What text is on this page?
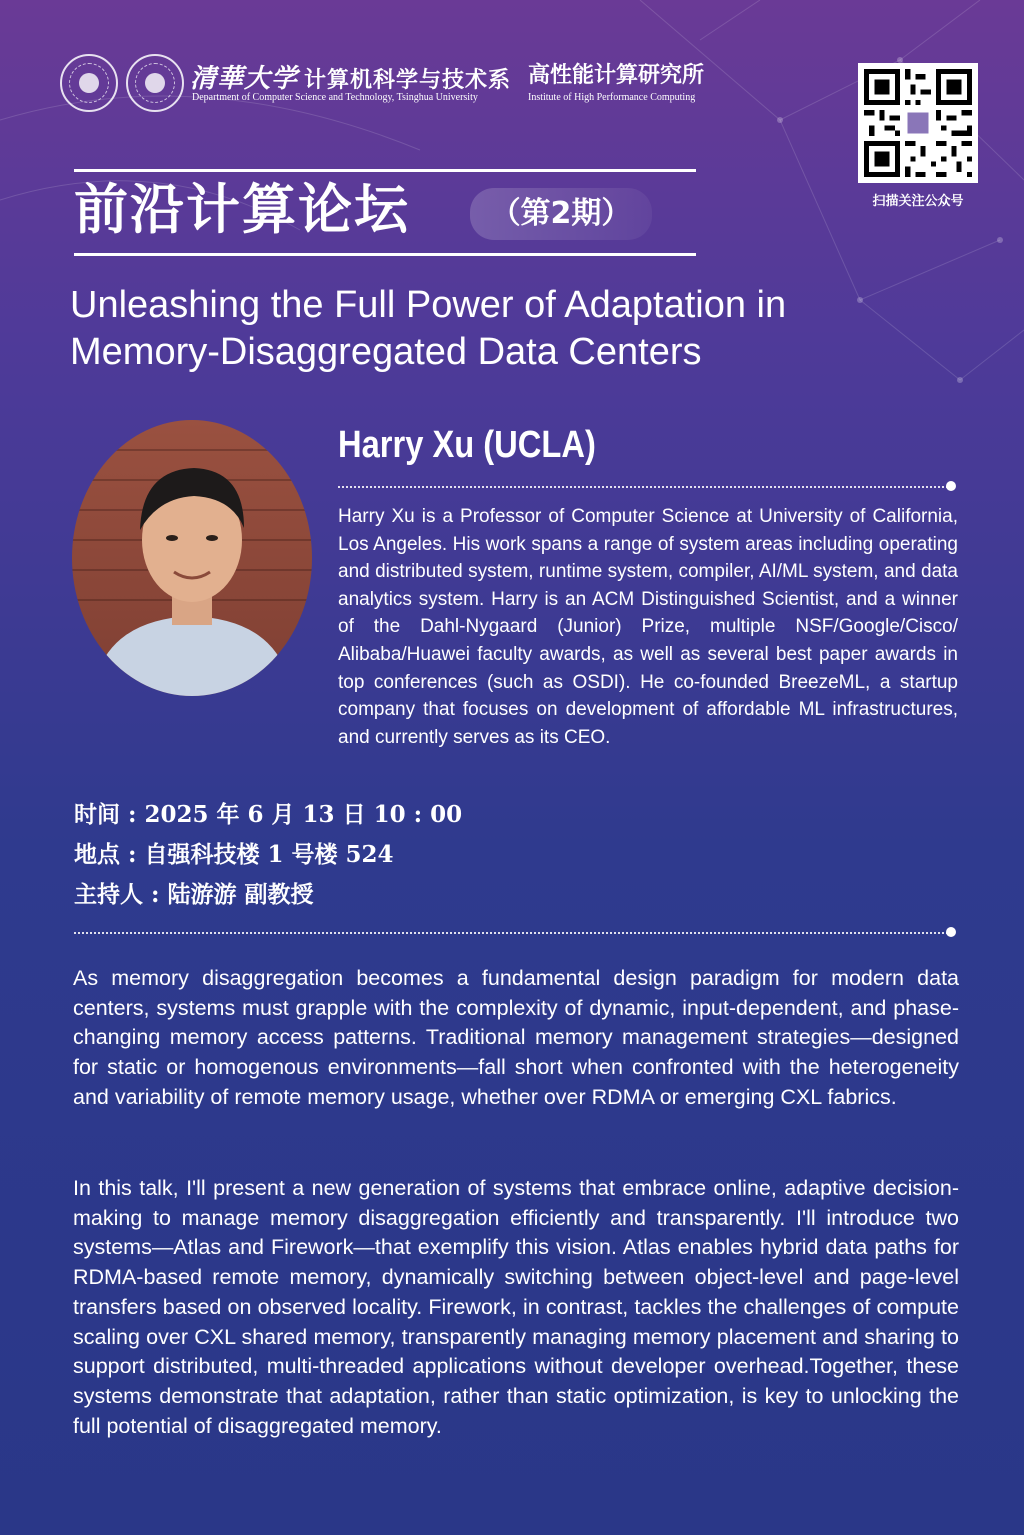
清華大学 计算机科学与技术系
Department of Computer Science and Technology, Tsinghua University
高性能计算研究所
Institute of High Performance Computing
扫描关注公众号
前沿计算论坛	（第2期）
Unleashing the Full Power of Adaptation in
Memory-Disaggregated Data Centers
Harry Xu (UCLA)
Harry Xu is a Professor of Computer Science at University of California, Los Angeles. His work spans a range of system areas including operating and distributed system, runtime system, compiler, AI/ML system, and data analytics system. Harry is an ACM Distinguished Scientist, and a winner of the Dahl-Nygaard (Junior) Prize, multiple NSF/Google/Cisco/ Alibaba/Huawei faculty awards, as well as several best paper awards in top conferences (such as OSDI). He co-founded BreezeML, a startup company that focuses on development of affordable ML infrastructures, and currently serves as its CEO.
时间 : 2025 年 6 月 13 日 10 : 00
地点 : 自强科技楼 1 号楼 524
主持人 : 陆游游 副教授
As memory disaggregation becomes a fundamental design paradigm for modern data centers, systems must grapple with the complexity of dynamic, input-dependent, and phase-changing memory access patterns. Traditional memory management strategies—designed for static or homogenous environments—fall short when confronted with the heterogeneity and variability of remote memory usage, whether over RDMA or emerging CXL fabrics.
In this talk, I'll present a new generation of systems that embrace online, adaptive decision-making to manage memory disaggregation efficiently and transparently. I'll introduce two systems—Atlas and Firework—that exemplify this vision. Atlas enables hybrid data paths for RDMA-based remote memory, dynamically switching between object-level and page-level transfers based on observed locality. Firework, in contrast, tackles the challenges of compute scaling over CXL shared memory, transparently managing memory placement and sharing to support distributed, multi-threaded applications without developer overhead.Together, these systems demonstrate that adaptation, rather than static optimization, is key to unlocking the full potential of disaggregated memory.
